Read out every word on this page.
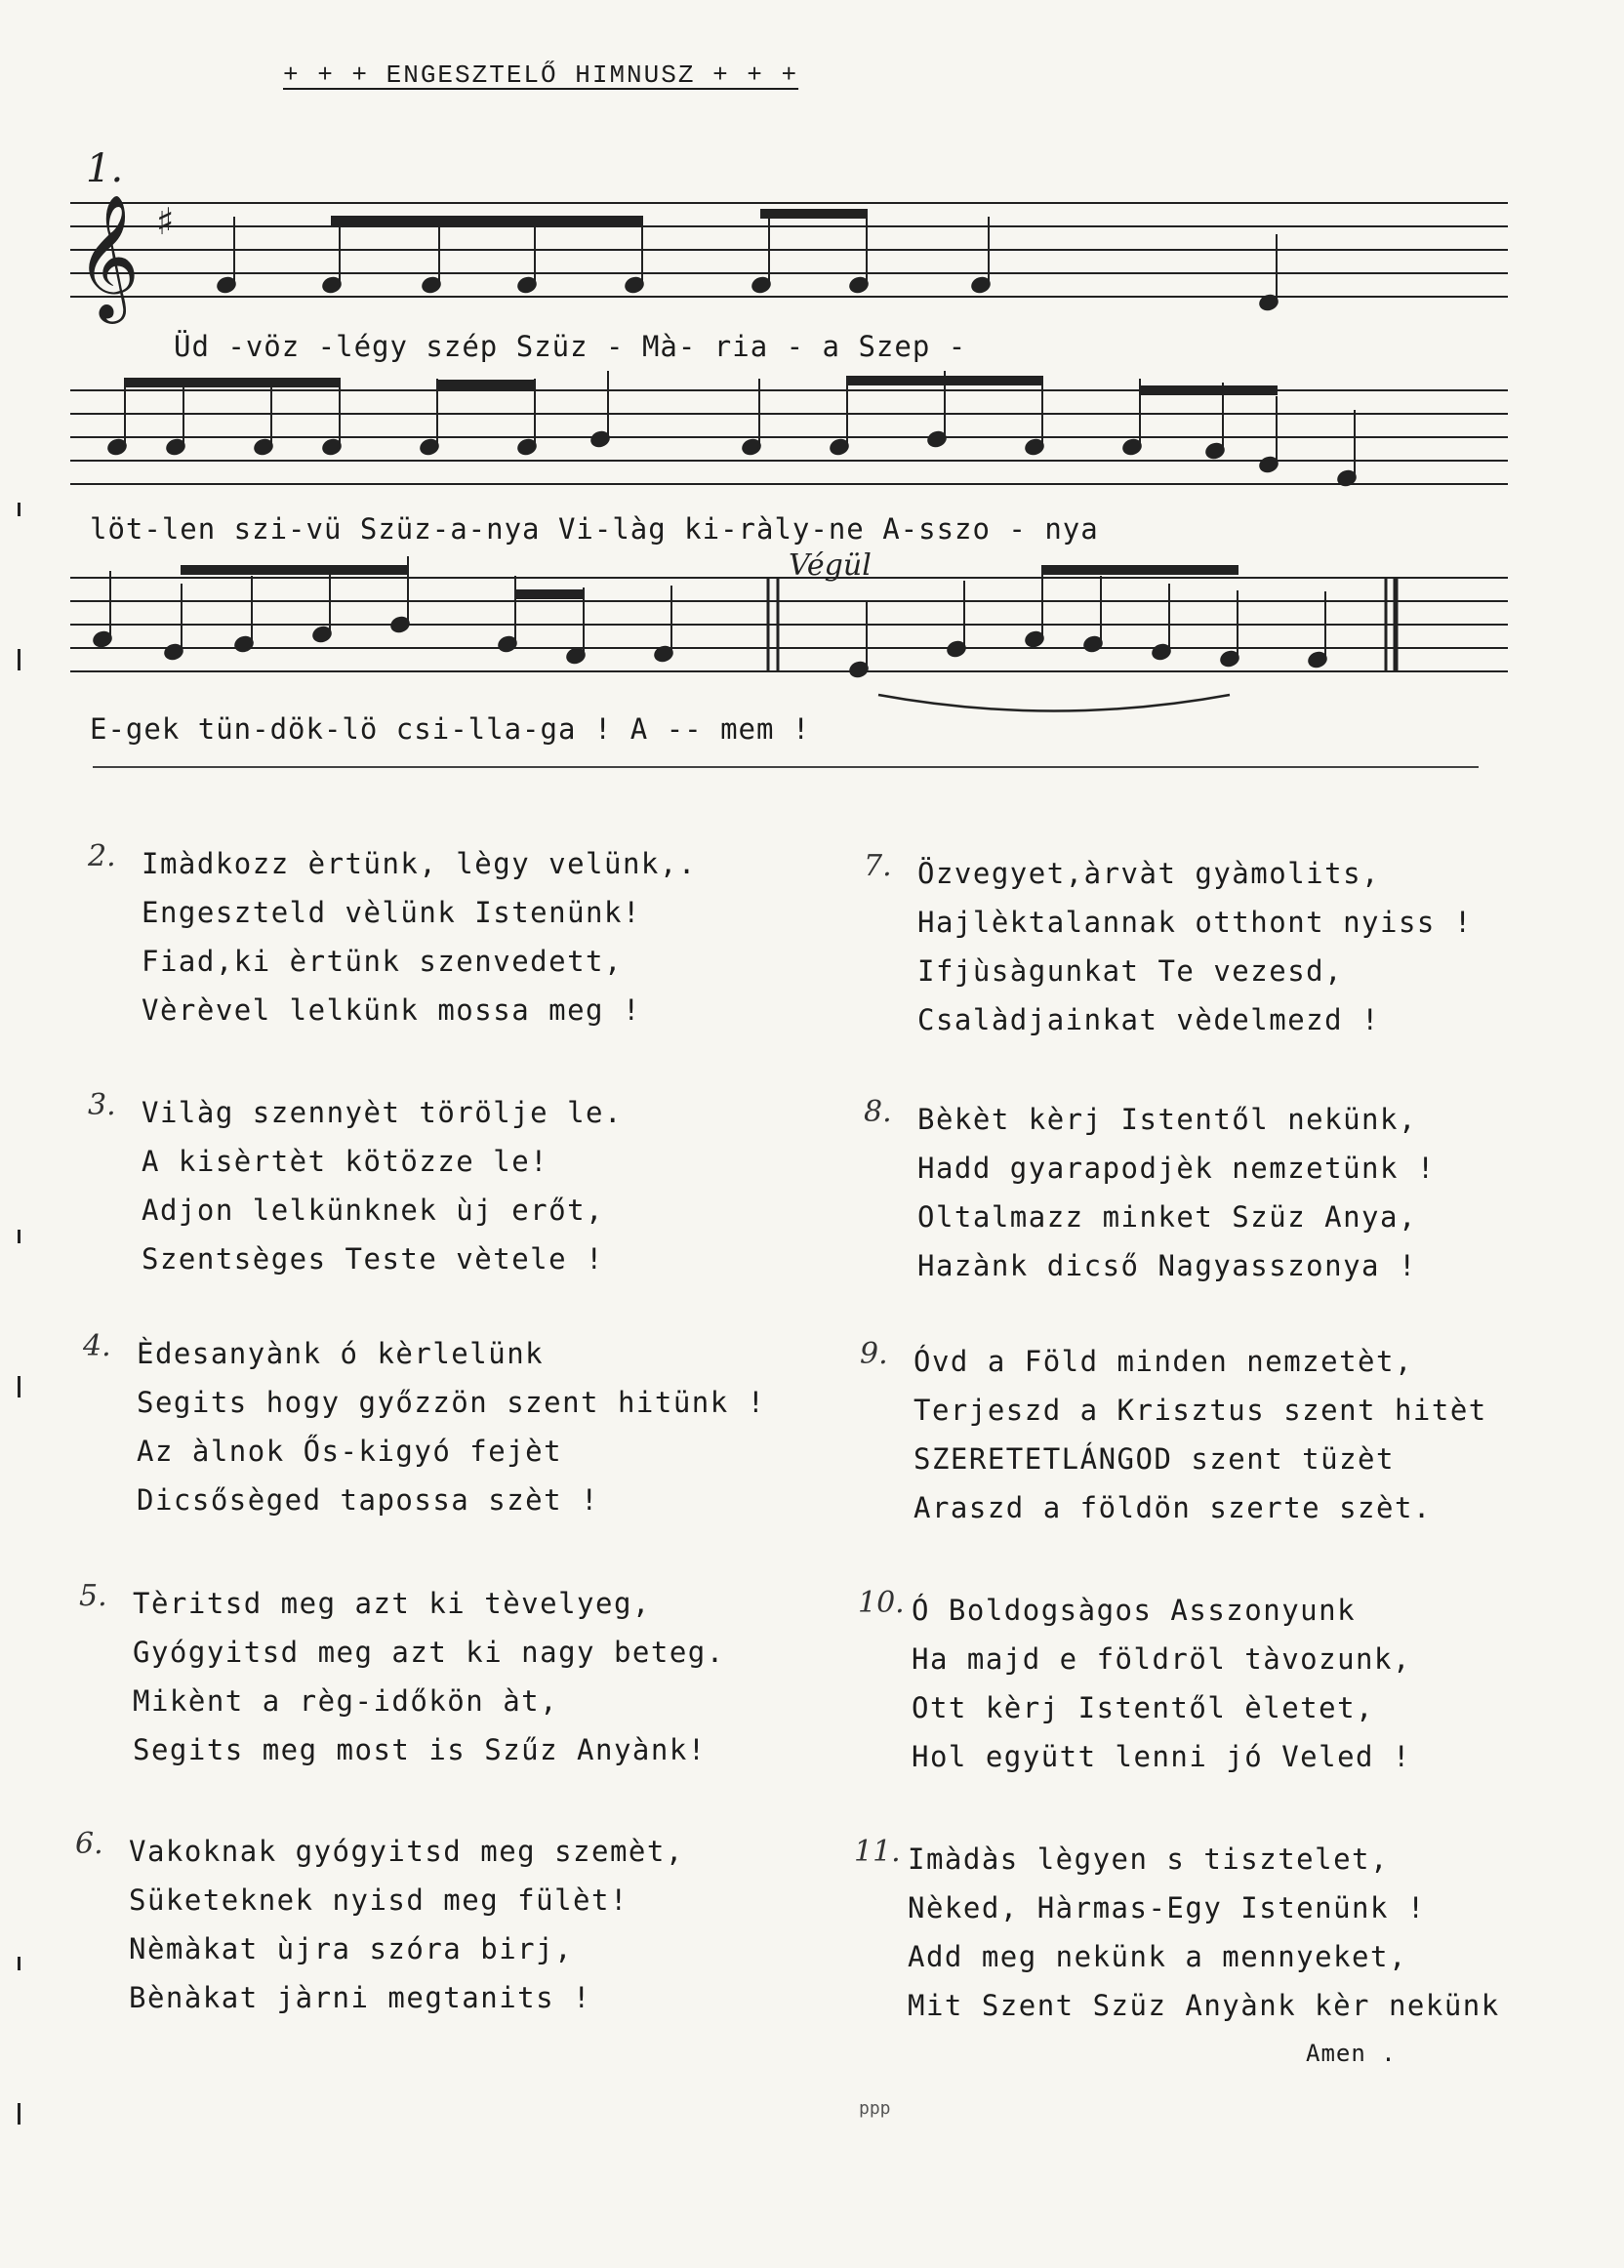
+ + + ENGESZTELŐ HIMNUSZ + + +
1.
Végül
𝄞 ♯
Üd -vöz -légy szép Szüz - Mà- ria - a Szep -
löt-len szi-vü Szüz-a-nya Vi-làg ki-ràly-ne A-sszo - nya
E-gek tün-dök-lö csi-lla-ga ! A -- mem !
2. Imàdkozz èrtünk, lègy velünk,.
Engeszteld vèlünk Istenünk!
Fiad,ki èrtünk szenvedett,
Vèrèvel lelkünk mossa meg !
3. Vilàg szennyèt törölje le.
A kisèrtèt kötözze le!
Adjon lelkünknek ùj erőt,
Szentsèges Teste vètele !
4. Èdesanyànk ó kèrlelünk
Segits hogy győzzön szent hitünk !
Az àlnok Ős-kigyó fejèt
Dicsősèged tapossa szèt !
5. Tèritsd meg azt ki tèvelyeg,
Gyógyitsd meg azt ki nagy beteg.
Mikènt a règ-időkön àt,
Segits meg most is Szűz Anyànk!
6. Vakoknak gyógyitsd meg szemèt,
Süketeknek nyisd meg fülèt!
Nèmàkat ùjra szóra birj,
Bènàkat jàrni megtanits !
7. Özvegyet,àrvàt gyàmolits,
Hajlèktalannak otthont nyiss !
Ifjùsàgunkat Te vezesd,
Csalàdjainkat vèdelmezd !
8. Bèkèt kèrj Istentől nekünk,
Hadd gyarapodjèk nemzetünk !
Oltalmazz minket Szüz Anya,
Hazànk dicső Nagyasszonya !
9. Óvd a Föld minden nemzetèt,
Terjeszd a Krisztus szent hitèt
SZERETETLÁNGOD szent tüzèt
Araszd a földön szerte szèt.
10. Ó Boldogsàgos Asszonyunk
Ha majd e földröl tàvozunk,
Ott kèrj Istentől èletet,
Hol együtt lenni jó Veled !
11. Imàdàs lègyen s tisztelet,
Nèked, Hàrmas-Egy Istenünk !
Add meg nekünk a mennyeket,
Mit Szent Szüz Anyànk kèr nekünk
Amen .
ppp
